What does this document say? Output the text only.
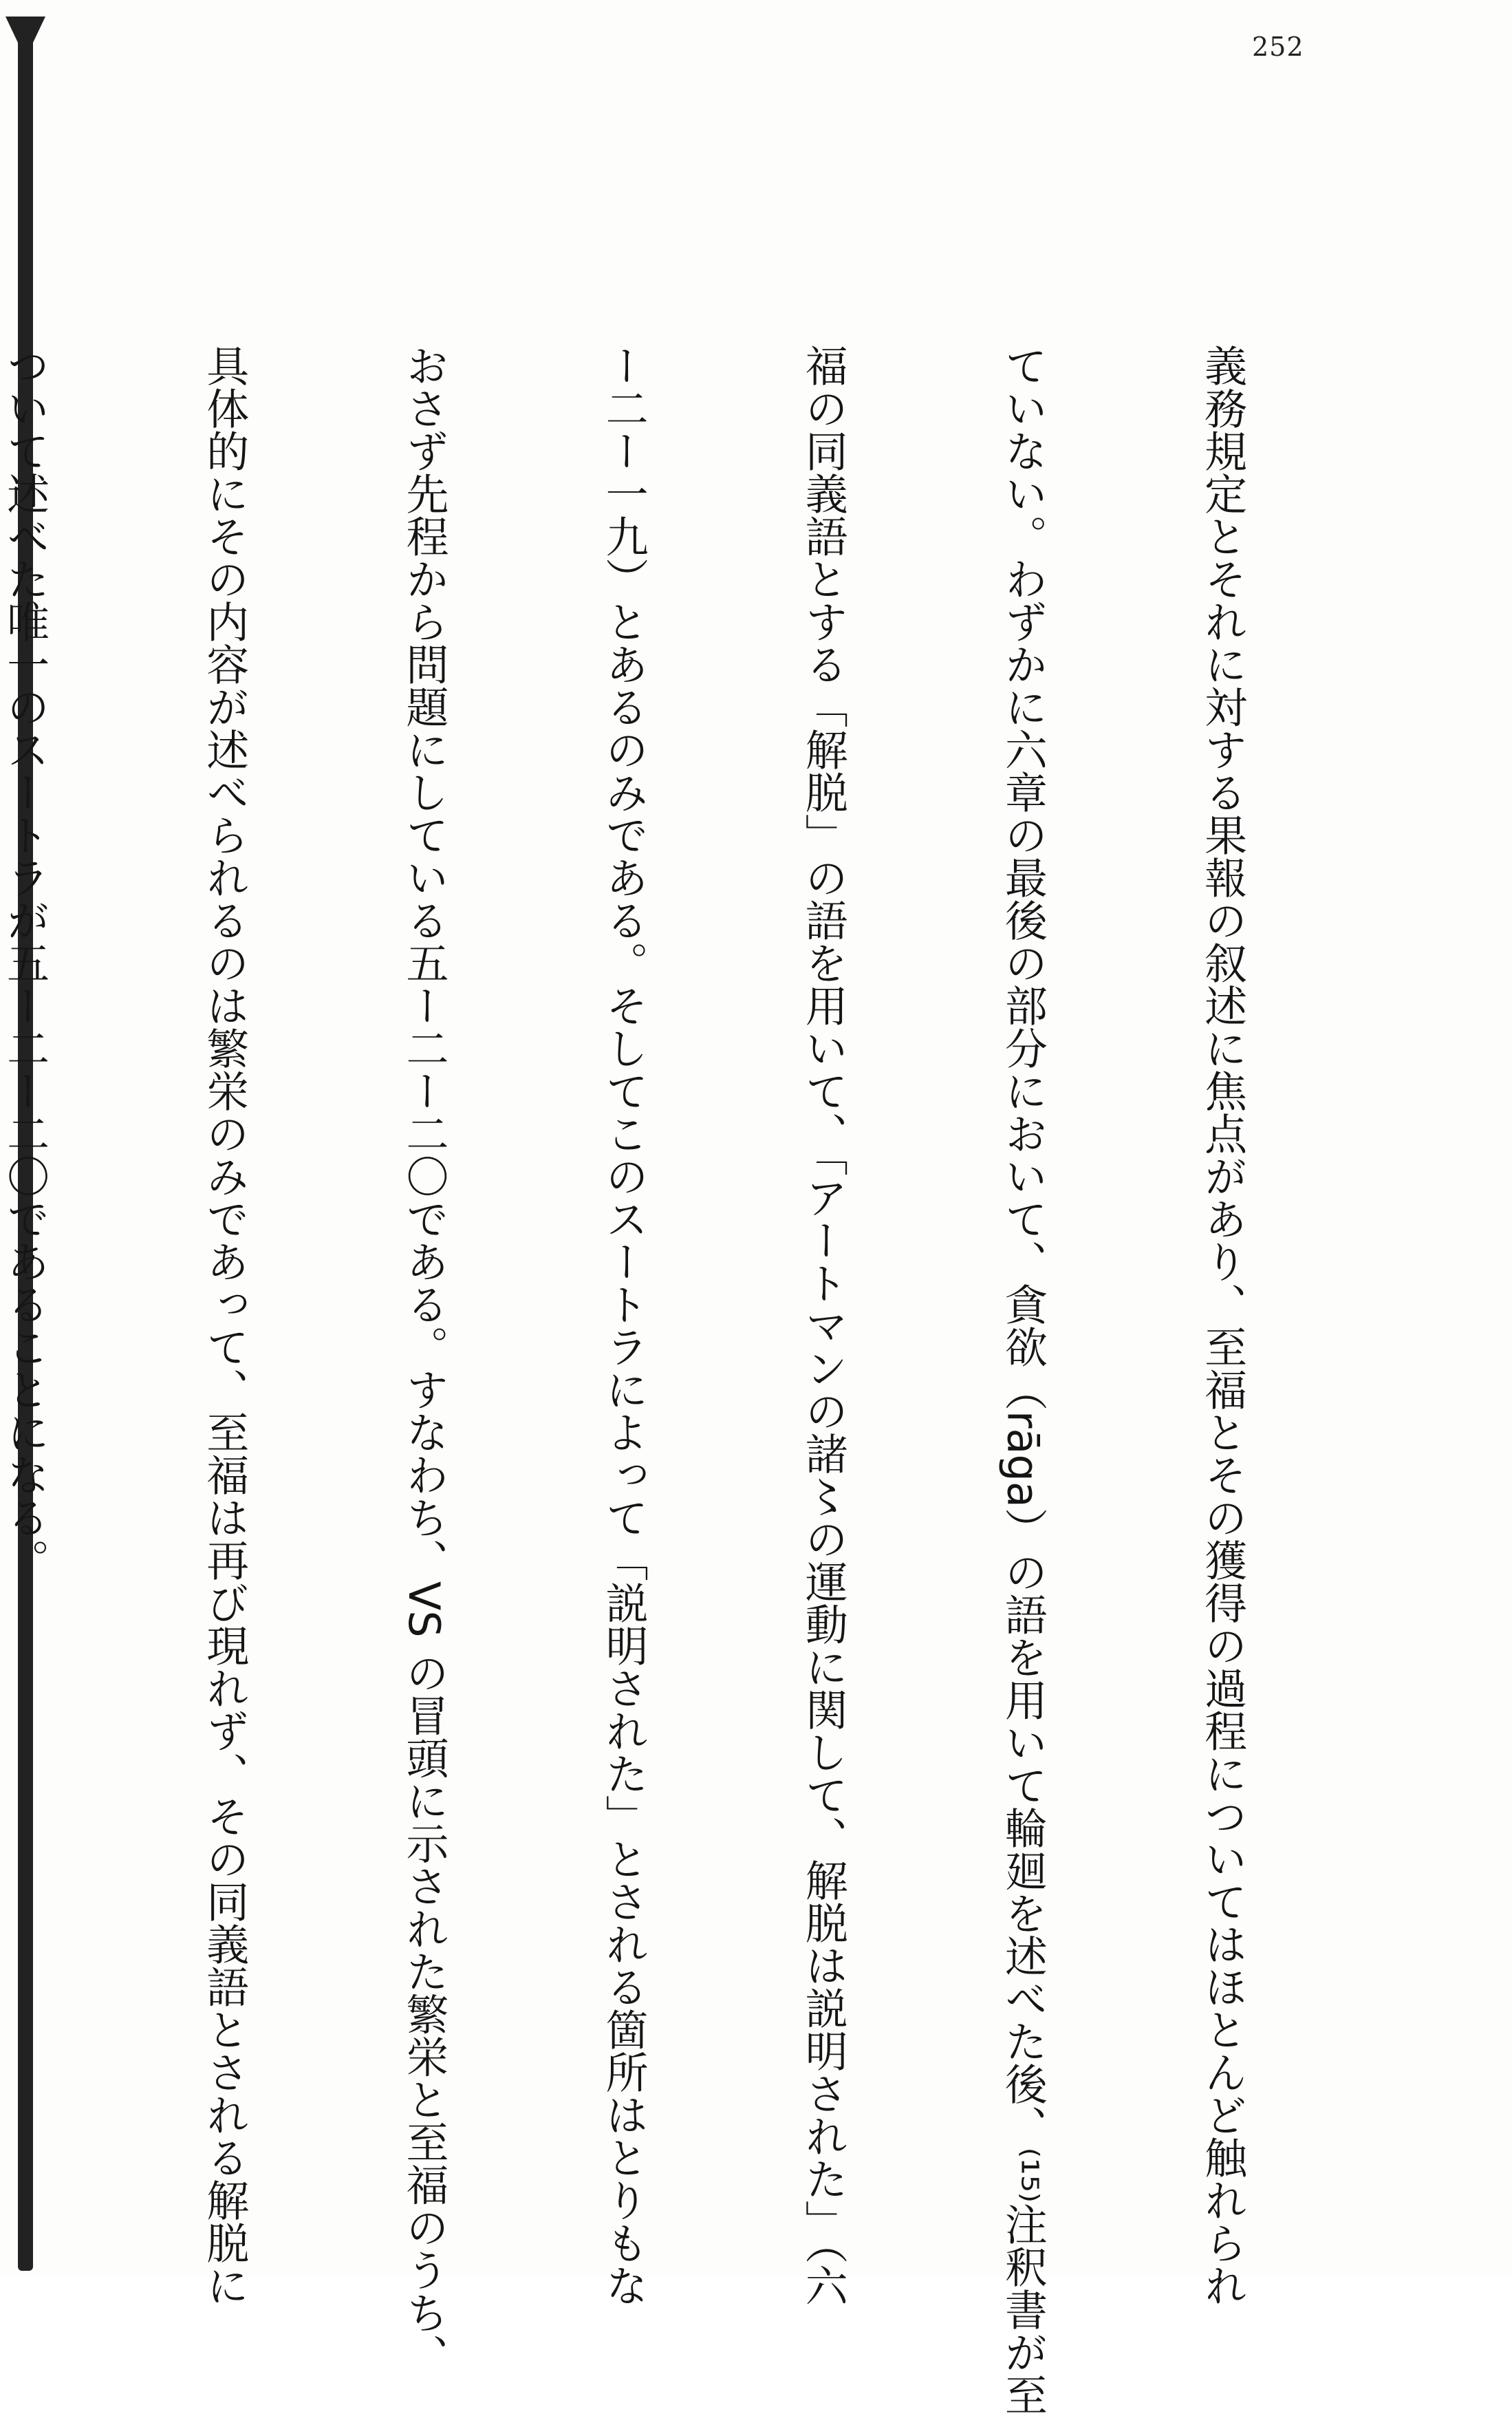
252

義務規定とそれに対する果報の叙述に焦点があり、至福とその獲得の過程についてはほとんど触れられ

ていない。わずかに六章の最後の部分において、貪欲（rāga）の語を用いて輪廻を述べた後、⁽¹⁵⁾注釈書が至

福の同義語とする「解脱」の語を用いて、「アートマンの諸〻の運動に関して、解脱は説明された」（六

ー二ー一九）とあるのみである。そしてこのスートラによって「説明された」とされる箇所はとりもな

おさず先程から問題にしている五ー二ー二〇である。すなわち、VS の冒頭に示された繁栄と至福のうち、

具体的にその内容が述べられるのは繁栄のみであって、至福は再び現れず、その同義語とされる解脱に

ついて述べた唯一のスートラが五ー二ー二〇であることになる。
